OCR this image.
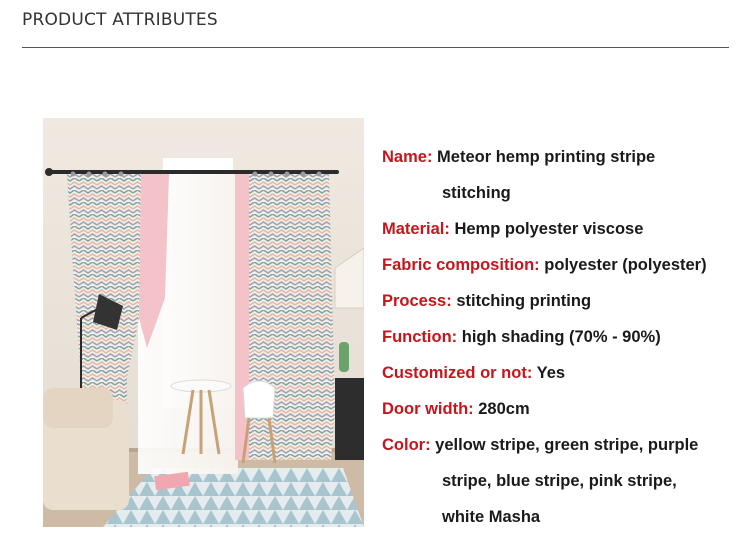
PRODUCT ATTRIBUTES
Name: Meteor hemp printing stripe
stitching
Material: Hemp polyester viscose
Fabric composition: polyester (polyester)
Process: stitching printing
Function: high shading (70% - 90%)
Customized or not: Yes
Door width: 280cm
Color: yellow stripe, green stripe, purple
stripe, blue stripe, pink stripe,
white Masha
